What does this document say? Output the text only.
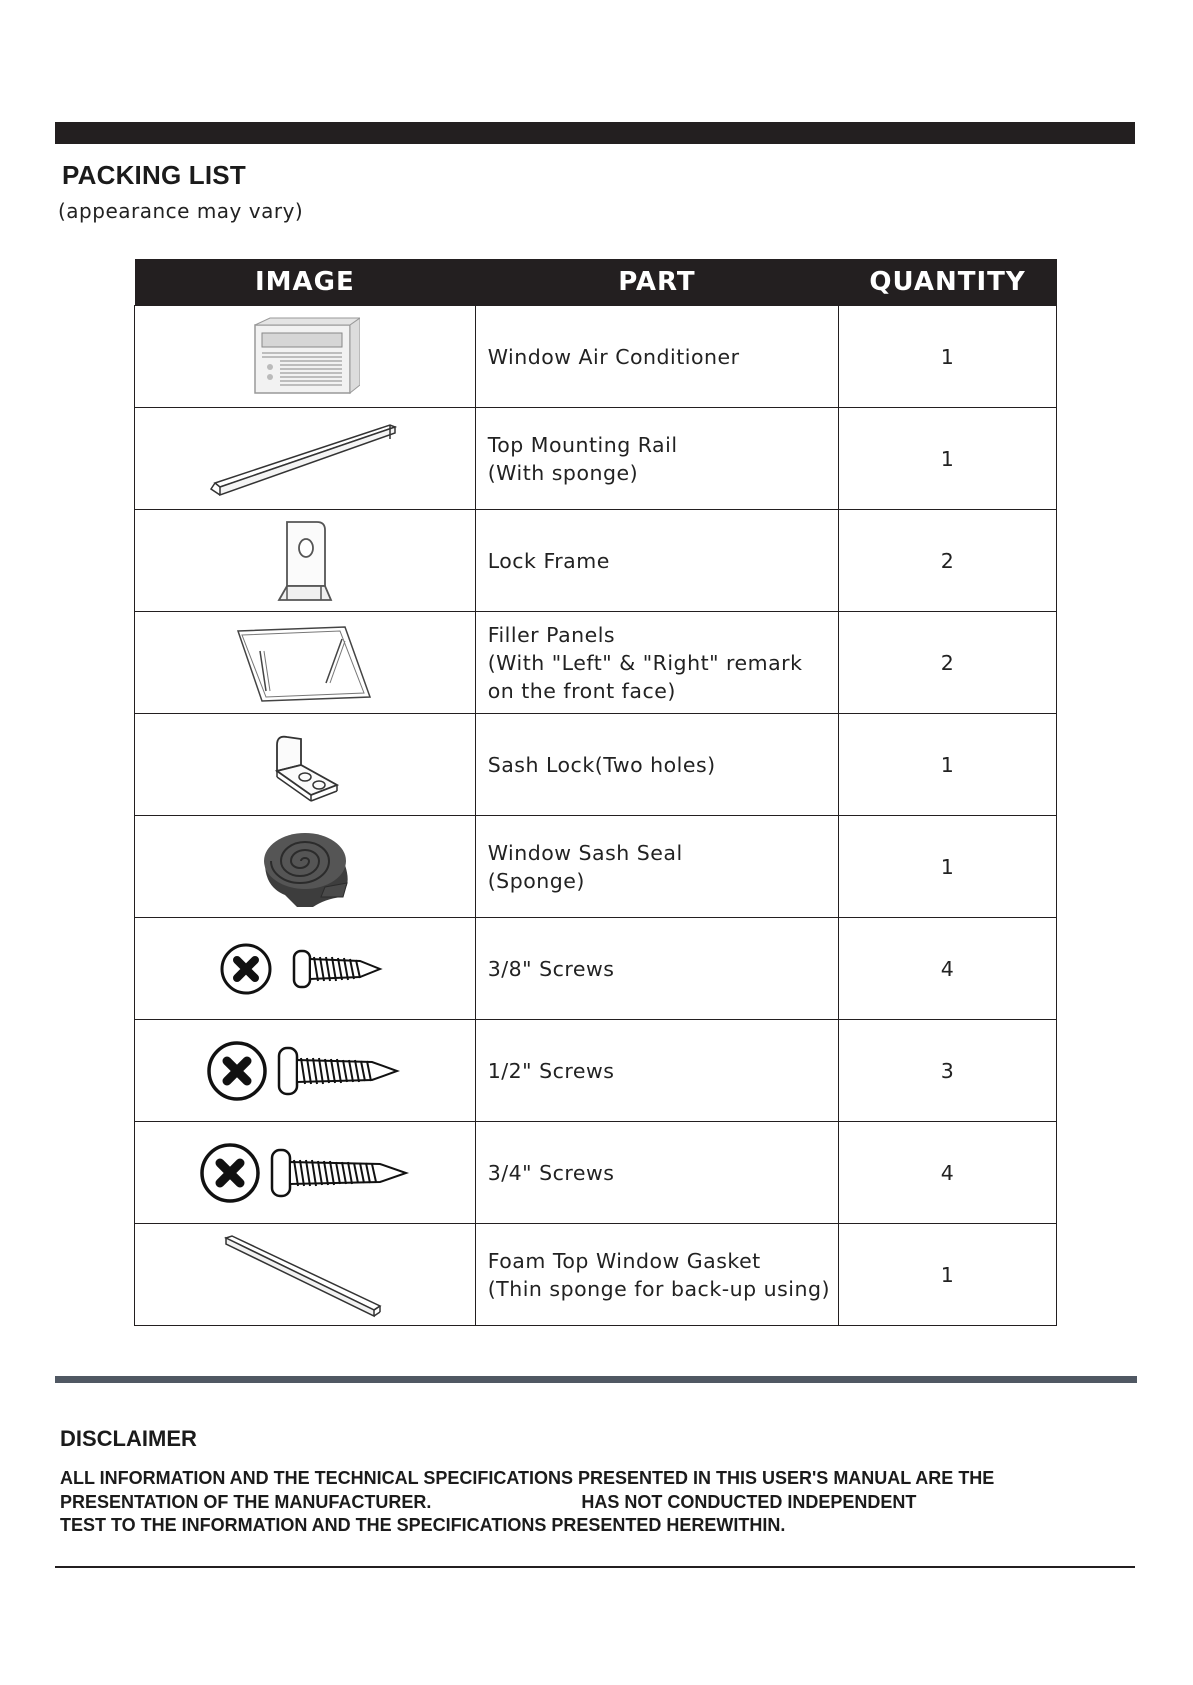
PACKING LIST
(appearance may vary)
IMAGE	PART	QUANTITY

Window Air Conditioner	1

Top Mounting Rail
(With sponge)	1

Lock Frame	2

Filler Panels
(With "Left" & "Right" remark
on the front face)	2

Sash Lock(Two holes)	1

Window Sash Seal
(Sponge)	1

3/8" Screws	4

1/2" Screws	3

3/4" Screws	4

Foam Top Window Gasket
(Thin sponge for back-up using)	1
DISCLAIMER

ALL INFORMATION AND THE TECHNICAL SPECIFICATIONS PRESENTED IN THIS USER'S MANUAL ARE THE
PRESENTATION OF THE MANUFACTURER.                              HAS NOT CONDUCTED INDEPENDENT
TEST TO THE INFORMATION AND THE SPECIFICATIONS PRESENTED HEREWITHIN.
